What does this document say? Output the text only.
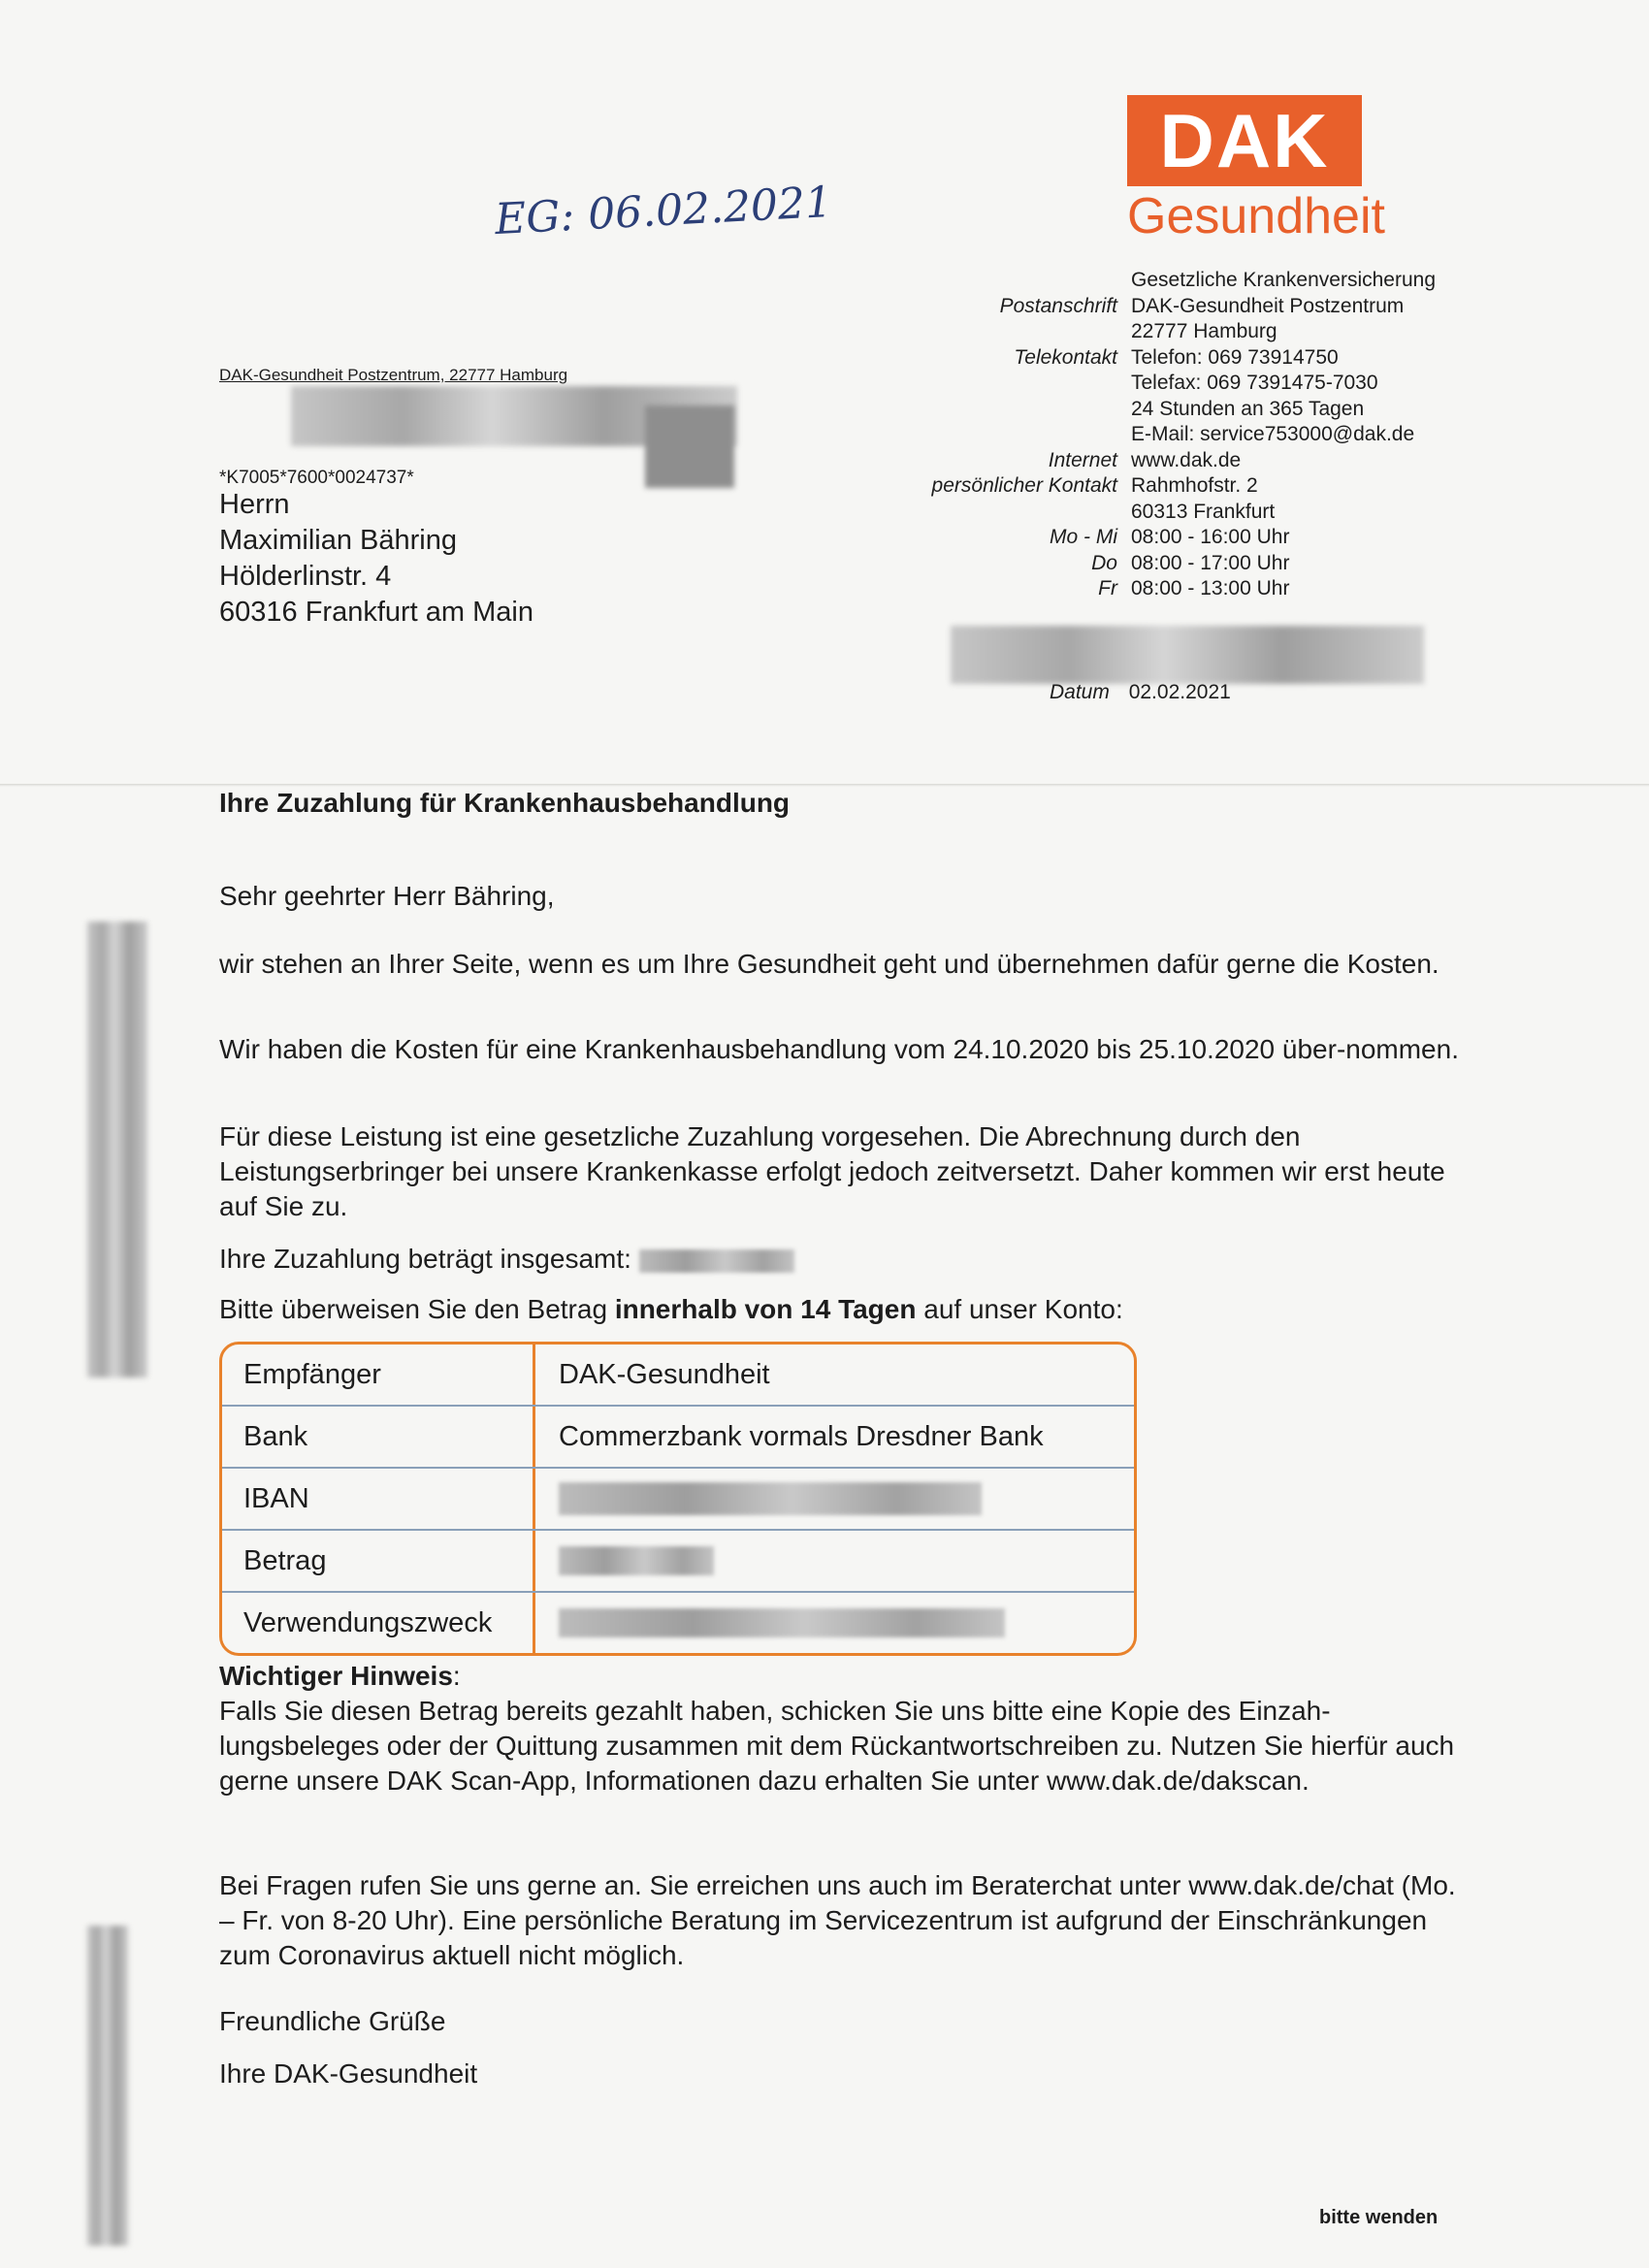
DAK
Gesundheit
EG: 06.02.2021
Gesetzliche Krankenversicherung
Postanschrift DAK-Gesundheit Postzentrum
22777 Hamburg
Telekontakt Telefon: 069 73914750
Telefax: 069 7391475-7030
24 Stunden an 365 Tagen
E-Mail: service753000@dak.de
Internet www.dak.de
persönlicher Kontakt Rahmhofstr. 2
60313 Frankfurt
Mo - Mi 08:00 - 16:00 Uhr
Do 08:00 - 17:00 Uhr
Fr 08:00 - 13:00 Uhr
DAK-Gesundheit Postzentrum, 22777 Hamburg
*K7005*7600*0024737*
Herrn
Maximilian Bähring
Hölderlinstr. 4
60316 Frankfurt am Main
Datum 02.02.2021
Ihre Zuzahlung für Krankenhausbehandlung
Sehr geehrter Herr Bähring,
wir stehen an Ihrer Seite, wenn es um Ihre Gesundheit geht und übernehmen dafür gerne die Kosten.
Wir haben die Kosten für eine Krankenhausbehandlung vom 24.10.2020 bis 25.10.2020 über-nommen.
Für diese Leistung ist eine gesetzliche Zuzahlung vorgesehen. Die Abrechnung durch den Leistungserbringer bei unsere Krankenkasse erfolgt jedoch zeitversetzt. Daher kommen wir erst heute auf Sie zu.
Ihre Zuzahlung beträgt insgesamt:
Bitte überweisen Sie den Betrag innerhalb von 14 Tagen auf unser Konto:
Empfänger	DAK-Gesundheit
Bank	Commerzbank vormals Dresdner Bank
IBAN
Betrag
Verwendungszweck
Wichtiger Hinweis:
Falls Sie diesen Betrag bereits gezahlt haben, schicken Sie uns bitte eine Kopie des Einzah-lungsbeleges oder der Quittung zusammen mit dem Rückantwortschreiben zu. Nutzen Sie hierfür auch gerne unsere DAK Scan-App, Informationen dazu erhalten Sie unter www.dak.de/dakscan.
Bei Fragen rufen Sie uns gerne an. Sie erreichen uns auch im Beraterchat unter www.dak.de/chat (Mo. – Fr. von 8-20 Uhr). Eine persönliche Beratung im Servicezentrum ist aufgrund der Einschränkungen zum Coronavirus aktuell nicht möglich.
Freundliche Grüße
Ihre DAK-Gesundheit
bitte wenden
